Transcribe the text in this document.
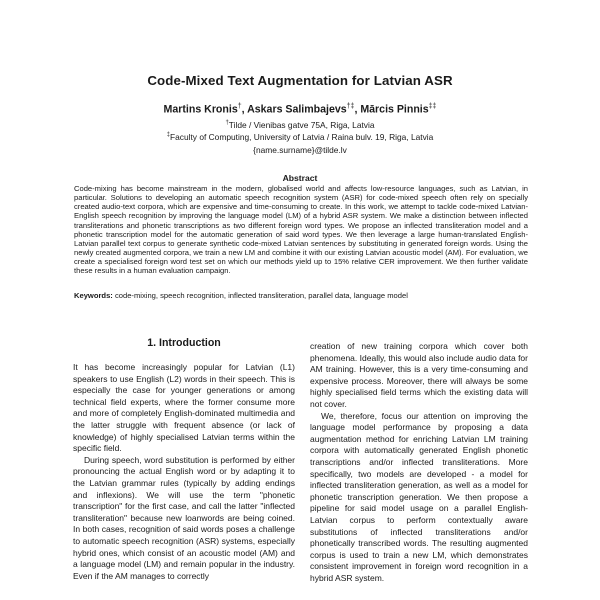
Code-Mixed Text Augmentation for Latvian ASR
Martins Kronis†, Askars Salimbajevs†‡, Mārcis Pinnis‡‡
†Tilde / Vienibas gatve 75A, Riga, Latvia
‡Faculty of Computing, University of Latvia / Raina bulv. 19, Riga, Latvia
{name.surname}@tilde.lv
Abstract
Code-mixing has become mainstream in the modern, globalised world and affects low-resource languages, such as Latvian, in particular. Solutions to developing an automatic speech recognition system (ASR) for code-mixed speech often rely on specially created audio-text corpora, which are expensive and time-consuming to create. In this work, we attempt to tackle code-mixed Latvian-English speech recognition by improving the language model (LM) of a hybrid ASR system. We make a distinction between inflected transliterations and phonetic transcriptions as two different foreign word types. We propose an inflected transliteration model and a phonetic transcription model for the automatic generation of said word types. We then leverage a large human-translated English-Latvian parallel text corpus to generate synthetic code-mixed Latvian sentences by substituting in generated foreign words. Using the newly created augmented corpora, we train a new LM and combine it with our existing Latvian acoustic model (AM). For evaluation, we create a specialised foreign word test set on which our methods yield up to 15% relative CER improvement. We then further validate these results in a human evaluation campaign.
Keywords: code-mixing, speech recognition, inflected transliteration, parallel data, language model
1. Introduction

It has become increasingly popular for Latvian (L1) speakers to use English (L2) words in their speech. This is especially the case for younger generations or among technical field experts, where the former consume more and more of completely English-dominated multimedia and the latter struggle with frequent absence (or lack of knowledge) of highly specialised Latvian terms within the specific field.

During speech, word substitution is performed by either pronouncing the actual English word or by adapting it to the Latvian grammar rules (typically by adding endings and inflexions). We will use the term "phonetic transcription" for the first case, and call the latter "inflected transliteration" because new loanwords are being coined. In both cases, recognition of said words poses a challenge to automatic speech recognition (ASR) systems, especially hybrid ones, which consist of an acoustic model (AM) and a language model (LM) and remain popular in the industry. Even if the AM manages to correctly

creation of new training corpora which cover both phenomena. Ideally, this would also include audio data for AM training. However, this is a very time-consuming and expensive process. Moreover, there will always be some highly specialised field terms which the existing data will not cover.

We, therefore, focus our attention on improving the language model performance by proposing a data augmentation method for enriching Latvian LM training corpora with automatically generated English phonetic transcriptions and/or inflected transliterations. More specifically, two models are developed - a model for inflected transliteration generation, as well as a model for phonetic transcription generation. We then propose a pipeline for said model usage on a parallel English-Latvian corpus to perform contextually aware substitutions of inflected transliterations and/or phonetically transcribed words. The resulting augmented corpus is used to train a new LM, which demonstrates consistent improvement in foreign word recognition in a hybrid ASR system.
